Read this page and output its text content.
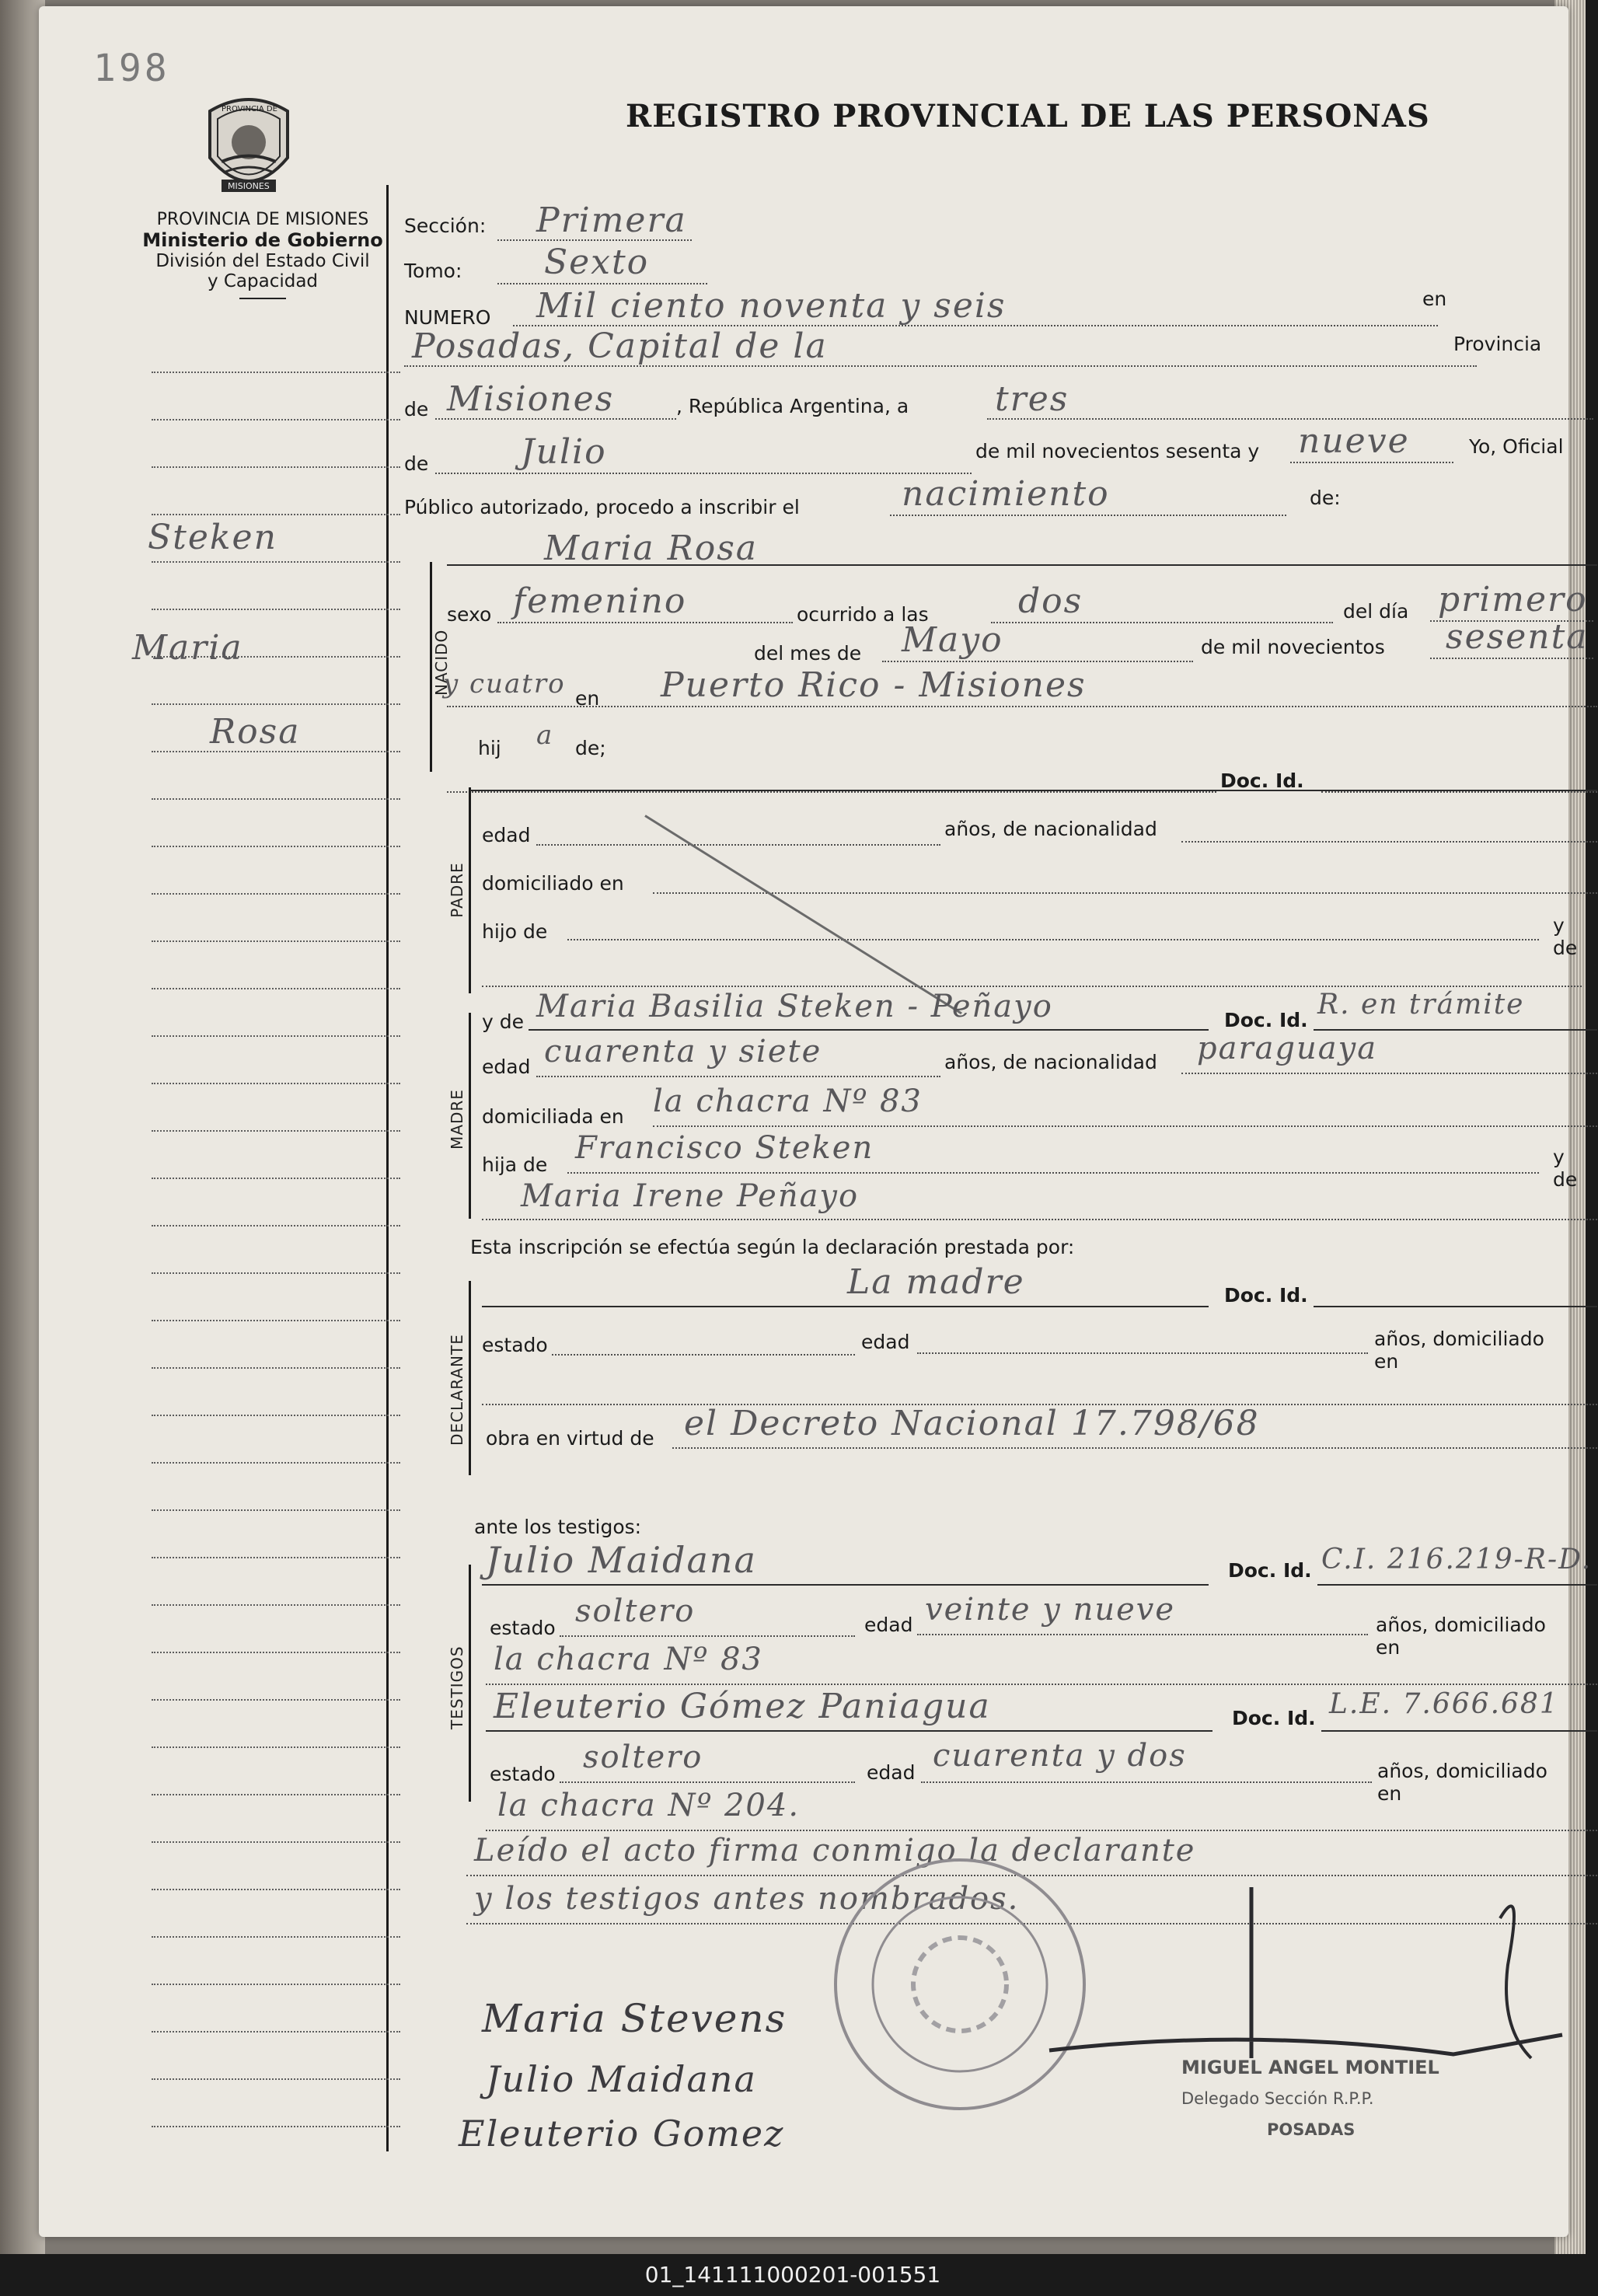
198
PROVINCIA DE
MISIONES
REGISTRO PROVINCIAL DE LAS PERSONAS
PROVINCIA DE MISIONES
Ministerio de Gobierno
División del Estado Civil
y Capacidad
Steken
Maria
Rosa
Sección: Primera
Tomo: Sexto
NUMERO Mil ciento noventa y seis	en
Posadas, Capital de la	Provincia
de Misiones	, República Argentina, a	tres
de	Julio	de mil novecientos sesenta y nueve	Yo, Oficial
Público autorizado, procedo a inscribir el	nacimiento	de:
NACIDO
Maria Rosa
sexo femenino	ocurrido a las	dos	del día primero
del mes de Mayo	de mil novecientos sesenta
y cuatro en Puerto Rico - Misiones
hij a de;
Doc. Id.
PADRE
edad	años, de nacionalidad
domiciliado en
hijo de	y de
;
MADRE
y de Maria Basilia Steken - Peñayo	Doc. Id. R. en trámite
edad cuarenta y siete	años, de nacionalidad paraguaya
domiciliada en la chacra Nº 83
hija de Francisco Steken	y de
Maria Irene Peñayo
Esta inscripción se efectúa según la declaración prestada por:
DECLARANTE
La madre	Doc. Id.
estado	edad	años, domiciliado en
obra en virtud de el Decreto Nacional 17.798/68
ante los testigos:
TESTIGOS
Julio Maidana	Doc. Id. C.I. 216.219-R-D.
estado soltero	edad veinte y nueve	años, domiciliado en
la chacra Nº 83
Eleuterio Gómez Paniagua	Doc. Id. L.E. 7.666.681
estado soltero	edad cuarenta y dos	años, domiciliado en
la chacra Nº 204.
Leído el acto firma conmigo la declarante
y los testigos antes nombrados.
Maria Stevens
Julio Maidana
Eleuterio Gomez
MIGUEL ANGEL MONTIEL
Delegado Sección R.P.P.
POSADAS
01_141111000201-001551
